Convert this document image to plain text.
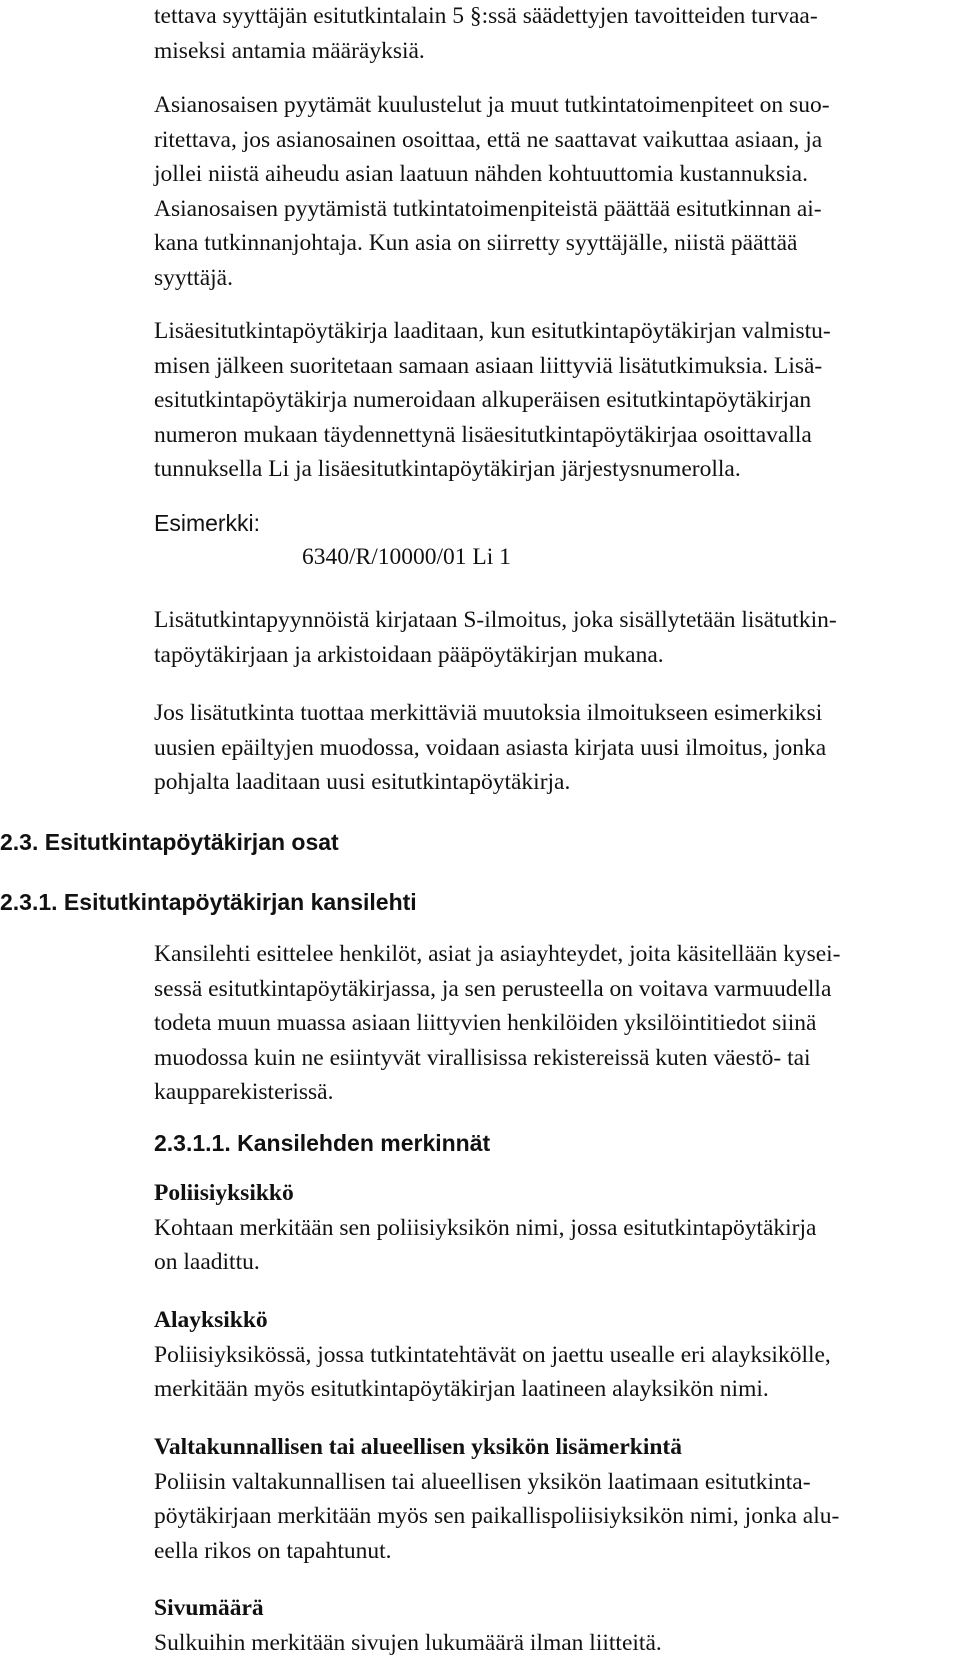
tettava syyttäjän esitutkintalain 5 §:ssä säädettyjen tavoitteiden turvaa-
miseksi antamia määräyksiä.

Asianosaisen pyytämät kuulustelut ja muut tutkintatoimenpiteet on suo-
ritettava, jos asianosainen osoittaa, että ne saattavat vaikuttaa asiaan, ja
jollei niistä aiheudu asian laatuun nähden kohtuuttomia kustannuksia.
Asianosaisen pyytämistä tutkintatoimenpiteistä päättää esitutkinnan ai-
kana tutkinnanjohtaja. Kun asia on siirretty syyttäjälle, niistä päättää
syyttäjä.

Lisäesitutkintapöytäkirja laaditaan, kun esitutkintapöytäkirjan valmistu-
misen jälkeen suoritetaan samaan asiaan liittyviä lisätutkimuksia. Lisä-
esitutkintapöytäkirja numeroidaan alkuperäisen esitutkintapöytäkirjan
numeron mukaan täydennettynä lisäesitutkintapöytäkirjaa osoittavalla
tunnuksella Li ja lisäesitutkintapöytäkirjan järjestysnumerolla.

Esimerkki:

6340/R/10000/01 Li 1

Lisätutkintapyynnöistä kirjataan S-ilmoitus, joka sisällytetään lisätutkin-
tapöytäkirjaan ja arkistoidaan pääpöytäkirjan mukana.

Jos lisätutkinta tuottaa merkittäviä muutoksia ilmoitukseen esimerkiksi
uusien epäiltyjen muodossa, voidaan asiasta kirjata uusi ilmoitus, jonka
pohjalta laaditaan uusi esitutkintapöytäkirja.

2.3. Esitutkintapöytäkirjan osat
2.3.1. Esitutkintapöytäkirjan kansilehti

Kansilehti esittelee henkilöt, asiat ja asiayhteydet, joita käsitellään kysei-
sessä esitutkintapöytäkirjassa, ja sen perusteella on voitava varmuudella
todeta muun muassa asiaan liittyvien henkilöiden yksilöintitiedot siinä
muodossa kuin ne esiintyvät virallisissa rekistereissä kuten väestö- tai
kaupparekisterissä.

2.3.1.1. Kansilehden merkinnät
Poliisiyksikkö
Kohtaan merkitään sen poliisiyksikön nimi, jossa esitutkintapöytäkirja
on laadittu.
Alayksikkö
Poliisiyksikössä, jossa tutkintatehtävät on jaettu usealle eri alayksikölle,
merkitään myös esitutkintapöytäkirjan laatineen alayksikön nimi.
Valtakunnallisen tai alueellisen yksikön lisämerkintä
Poliisin valtakunnallisen tai alueellisen yksikön laatimaan esitutkinta-
pöytäkirjaan merkitään myös sen paikallispoliisiyksikön nimi, jonka alu-
eella rikos on tapahtunut.
Sivumäärä
Sulkuihin merkitään sivujen lukumäärä ilman liitteitä.
